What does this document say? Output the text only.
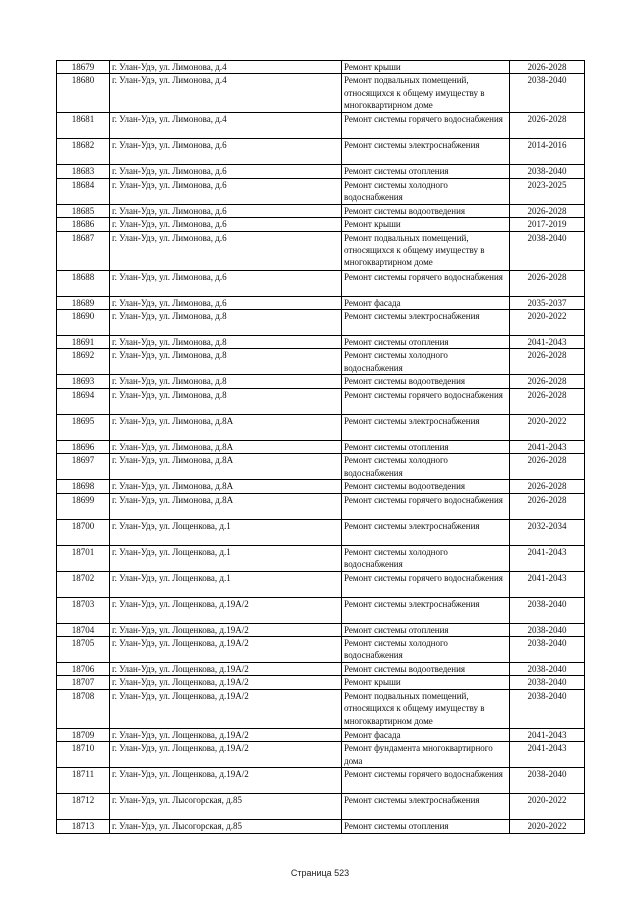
18679	г. Улан-Удэ, ул. Лимонова, д.4	Ремонт крыши	2026-2028
18680	г. Улан-Удэ, ул. Лимонова, д.4	Ремонт подвальных помещений, относящихся к общему имуществу в многоквартирном доме	2038-2040
18681	г. Улан-Удэ, ул. Лимонова, д.4	Ремонт системы горячего водоснабжения	2026-2028
18682	г. Улан-Удэ, ул. Лимонова, д.6	Ремонт системы электроснабжения	2014-2016
18683	г. Улан-Удэ, ул. Лимонова, д.6	Ремонт системы отопления	2038-2040
18684	г. Улан-Удэ, ул. Лимонова, д.6	Ремонт системы холодного водоснабжения	2023-2025
18685	г. Улан-Удэ, ул. Лимонова, д.6	Ремонт системы водоотведения	2026-2028
18686	г. Улан-Удэ, ул. Лимонова, д.6	Ремонт крыши	2017-2019
18687	г. Улан-Удэ, ул. Лимонова, д.6	Ремонт подвальных помещений, относящихся к общему имуществу в многоквартирном доме	2038-2040
18688	г. Улан-Удэ, ул. Лимонова, д.6	Ремонт системы горячего водоснабжения	2026-2028
18689	г. Улан-Удэ, ул. Лимонова, д.6	Ремонт фасада	2035-2037
18690	г. Улан-Удэ, ул. Лимонова, д.8	Ремонт системы электроснабжения	2020-2022
18691	г. Улан-Удэ, ул. Лимонова, д.8	Ремонт системы отопления	2041-2043
18692	г. Улан-Удэ, ул. Лимонова, д.8	Ремонт системы холодного водоснабжения	2026-2028
18693	г. Улан-Удэ, ул. Лимонова, д.8	Ремонт системы водоотведения	2026-2028
18694	г. Улан-Удэ, ул. Лимонова, д.8	Ремонт системы горячего водоснабжения	2026-2028
18695	г. Улан-Удэ, ул. Лимонова, д.8А	Ремонт системы электроснабжения	2020-2022
18696	г. Улан-Удэ, ул. Лимонова, д.8А	Ремонт системы отопления	2041-2043
18697	г. Улан-Удэ, ул. Лимонова, д.8А	Ремонт системы холодного водоснабжения	2026-2028
18698	г. Улан-Удэ, ул. Лимонова, д.8А	Ремонт системы водоотведения	2026-2028
18699	г. Улан-Удэ, ул. Лимонова, д.8А	Ремонт системы горячего водоснабжения	2026-2028
18700	г. Улан-Удэ, ул. Лощенкова, д.1	Ремонт системы электроснабжения	2032-2034
18701	г. Улан-Удэ, ул. Лощенкова, д.1	Ремонт системы холодного водоснабжения	2041-2043
18702	г. Улан-Удэ, ул. Лощенкова, д.1	Ремонт системы горячего водоснабжения	2041-2043
18703	г. Улан-Удэ, ул. Лощенкова, д.19А/2	Ремонт системы электроснабжения	2038-2040
18704	г. Улан-Удэ, ул. Лощенкова, д.19А/2	Ремонт системы отопления	2038-2040
18705	г. Улан-Удэ, ул. Лощенкова, д.19А/2	Ремонт системы холодного водоснабжения	2038-2040
18706	г. Улан-Удэ, ул. Лощенкова, д.19А/2	Ремонт системы водоотведения	2038-2040
18707	г. Улан-Удэ, ул. Лощенкова, д.19А/2	Ремонт крыши	2038-2040
18708	г. Улан-Удэ, ул. Лощенкова, д.19А/2	Ремонт подвальных помещений, относящихся к общему имуществу в многоквартирном доме	2038-2040
18709	г. Улан-Удэ, ул. Лощенкова, д.19А/2	Ремонт фасада	2041-2043
18710	г. Улан-Удэ, ул. Лощенкова, д.19А/2	Ремонт фундамента многоквартирного дома	2041-2043
18711	г. Улан-Удэ, ул. Лощенкова, д.19А/2	Ремонт системы горячего водоснабжения	2038-2040
18712	г. Улан-Удэ, ул. Лысогорская, д.85	Ремонт системы электроснабжения	2020-2022
18713	г. Улан-Удэ, ул. Лысогорская, д.85	Ремонт системы отопления	2020-2022
Страница 523
